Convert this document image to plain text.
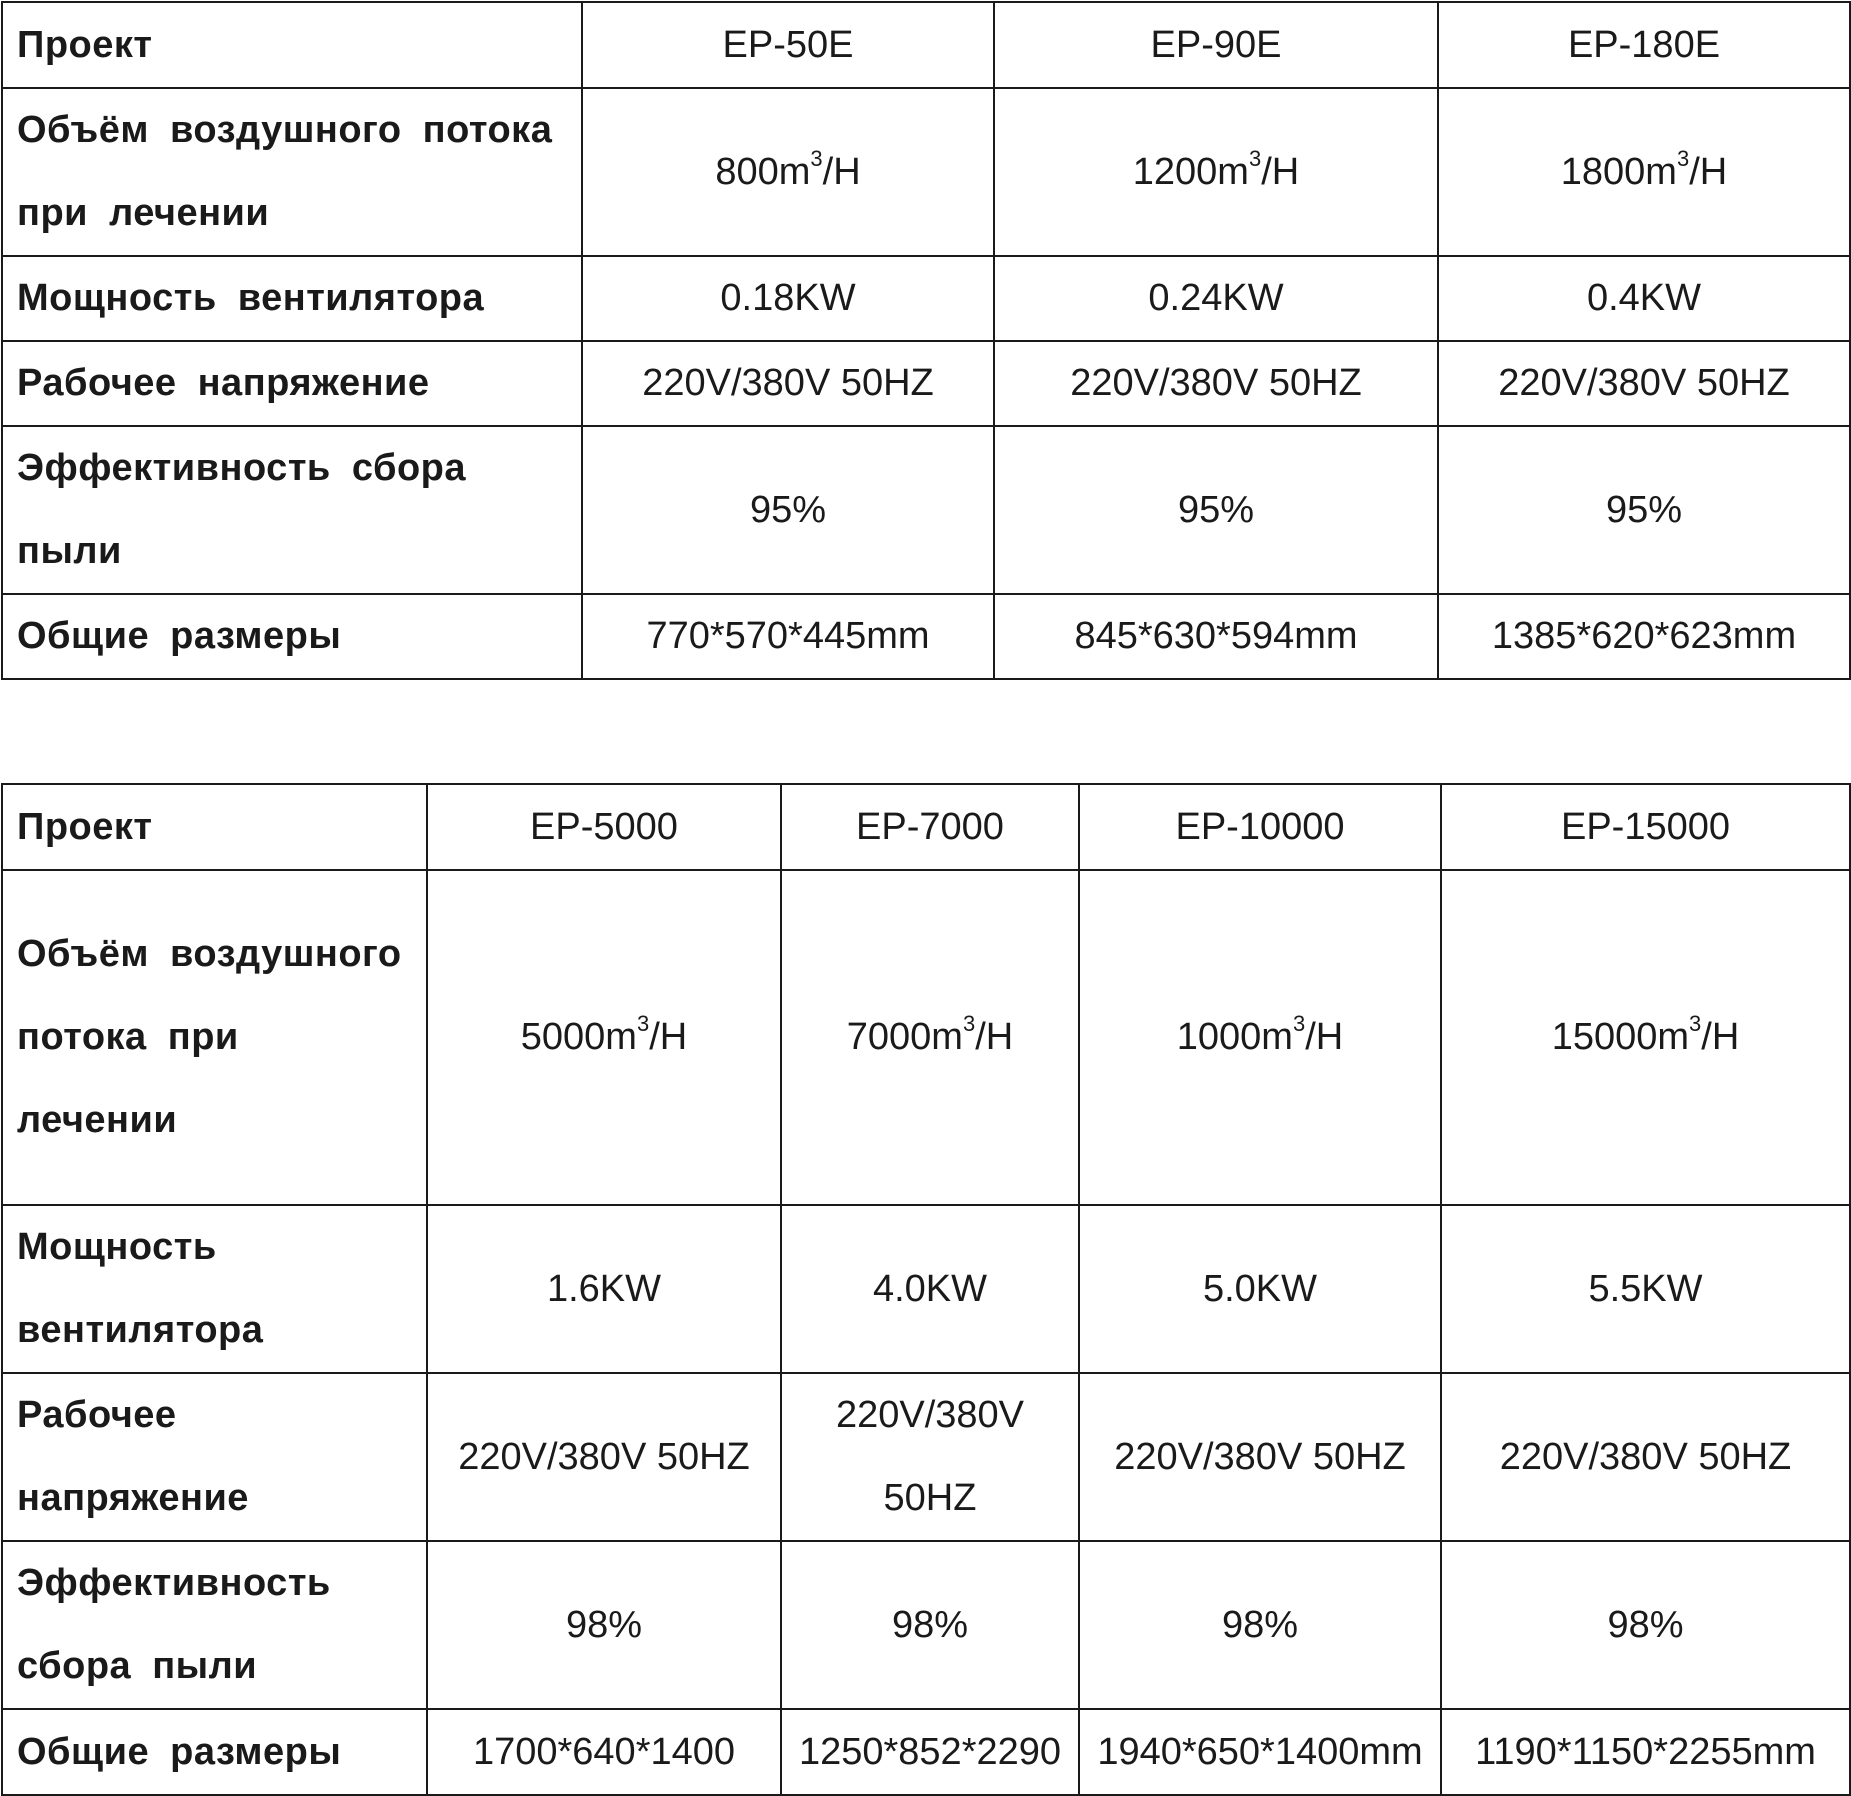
Проект	EP-50E	EP-90E	EP-180E
Объём воздушного потока при лечении	$800m^3/H$	$1200m^3/H$	$1800m^3/H$
Мощность вентилятора	0.18KW	0.24KW	0.4KW
Рабочее напряжение	220V/380V 50HZ	220V/380V 50HZ	220V/380V 50HZ
Эффективность сбора пыли	95%	95%	95%
Общие размеры	770*570*445mm	845*630*594mm	1385*620*623mm
Проект	EP-5000	EP-7000	EP-10000	EP-15000
Объём воздушного потока при лечении	$5000m^3/H$	$7000m^3/H$	$1000m^3/H$	$15000m^3/H$
Мощность вентилятора	1.6KW	4.0KW	5.0KW	5.5KW
Рабочее напряжение	220V/380V 50HZ	220V/380V 50HZ	220V/380V 50HZ	220V/380V 50HZ
Эффективность сбора пыли	98%	98%	98%	98%
Общие размеры	1700*640*1400	1250*852*2290	1940*650*1400mm	1190*1150*2255mm
